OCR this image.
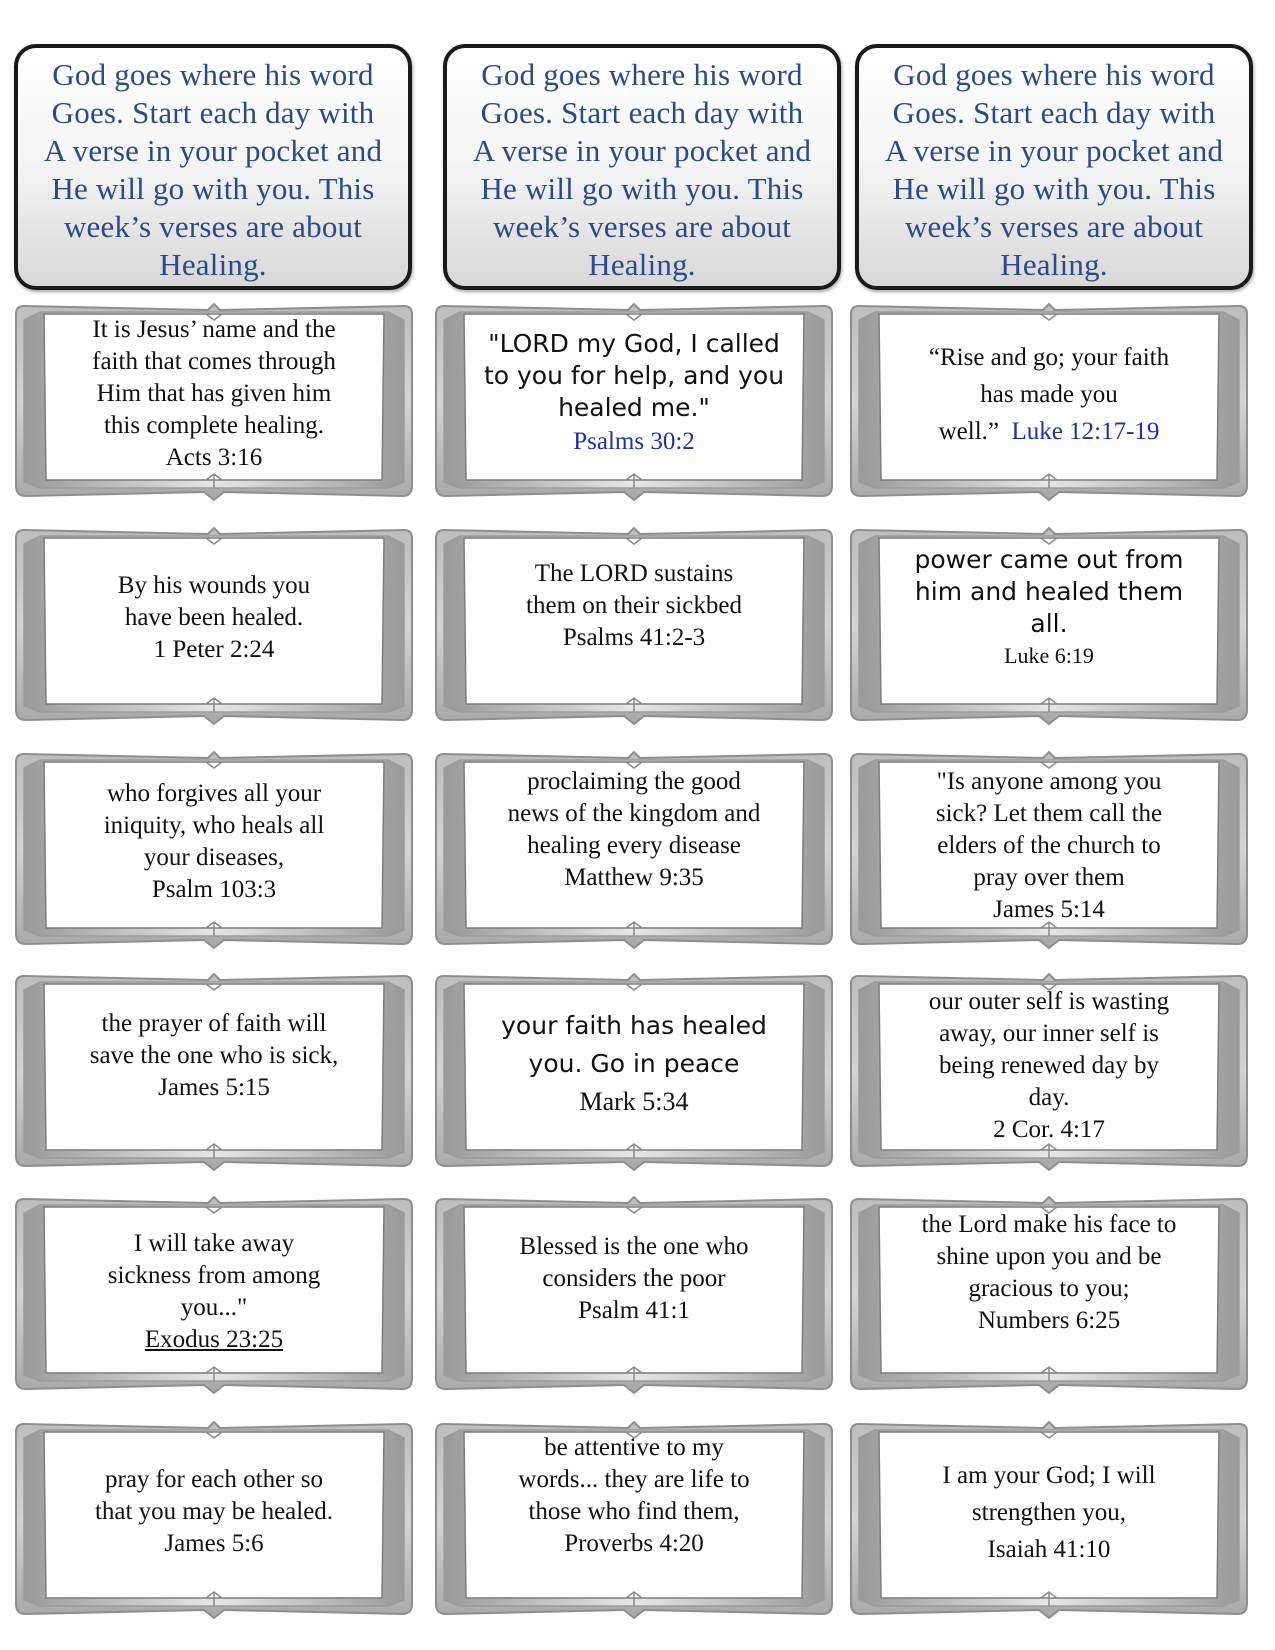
God goes where his word

Goes. Start each day with

A verse in your pocket and

He will go with you. This

week’s verses are about

Healing.

God goes where his word

Goes. Start each day with

A verse in your pocket and

He will go with you. This

week’s verses are about

Healing.

God goes where his word

Goes. Start each day with

A verse in your pocket and

He will go with you. This

week’s verses are about

Healing.

It is Jesus’ name and the

faith that comes through

Him that has given him

this complete healing.

Acts 3:16

"LORD my God, I called

to you for help, and you

healed me."

Psalms 30:2

“Rise and go; your faith

has made you

well.” Luke 12:17-19

By his wounds you

have been healed.

1 Peter 2:24

The LORD sustains

them on their sickbed

Psalms 41:2-3

power came out from

him and healed them

all.

Luke 6:19

who forgives all your

iniquity, who heals all

your diseases,

Psalm 103:3

proclaiming the good

news of the kingdom and

healing every disease

Matthew 9:35

"Is anyone among you

sick? Let them call the

elders of the church to

pray over them

James 5:14

the prayer of faith will

save the one who is sick,

James 5:15

your faith has healed

you. Go in peace

Mark 5:34

our outer self is wasting

away, our inner self is

being renewed day by

day.

2 Cor. 4:17

I will take away

sickness from among

you..."

Exodus 23:25

Blessed is the one who

considers the poor

Psalm 41:1

the Lord make his face to

shine upon you and be

gracious to you;

Numbers 6:25

pray for each other so

that you may be healed.

James 5:6

be attentive to my

words... they are life to

those who find them,

Proverbs 4:20

I am your God; I will

strengthen you,

Isaiah 41:10
